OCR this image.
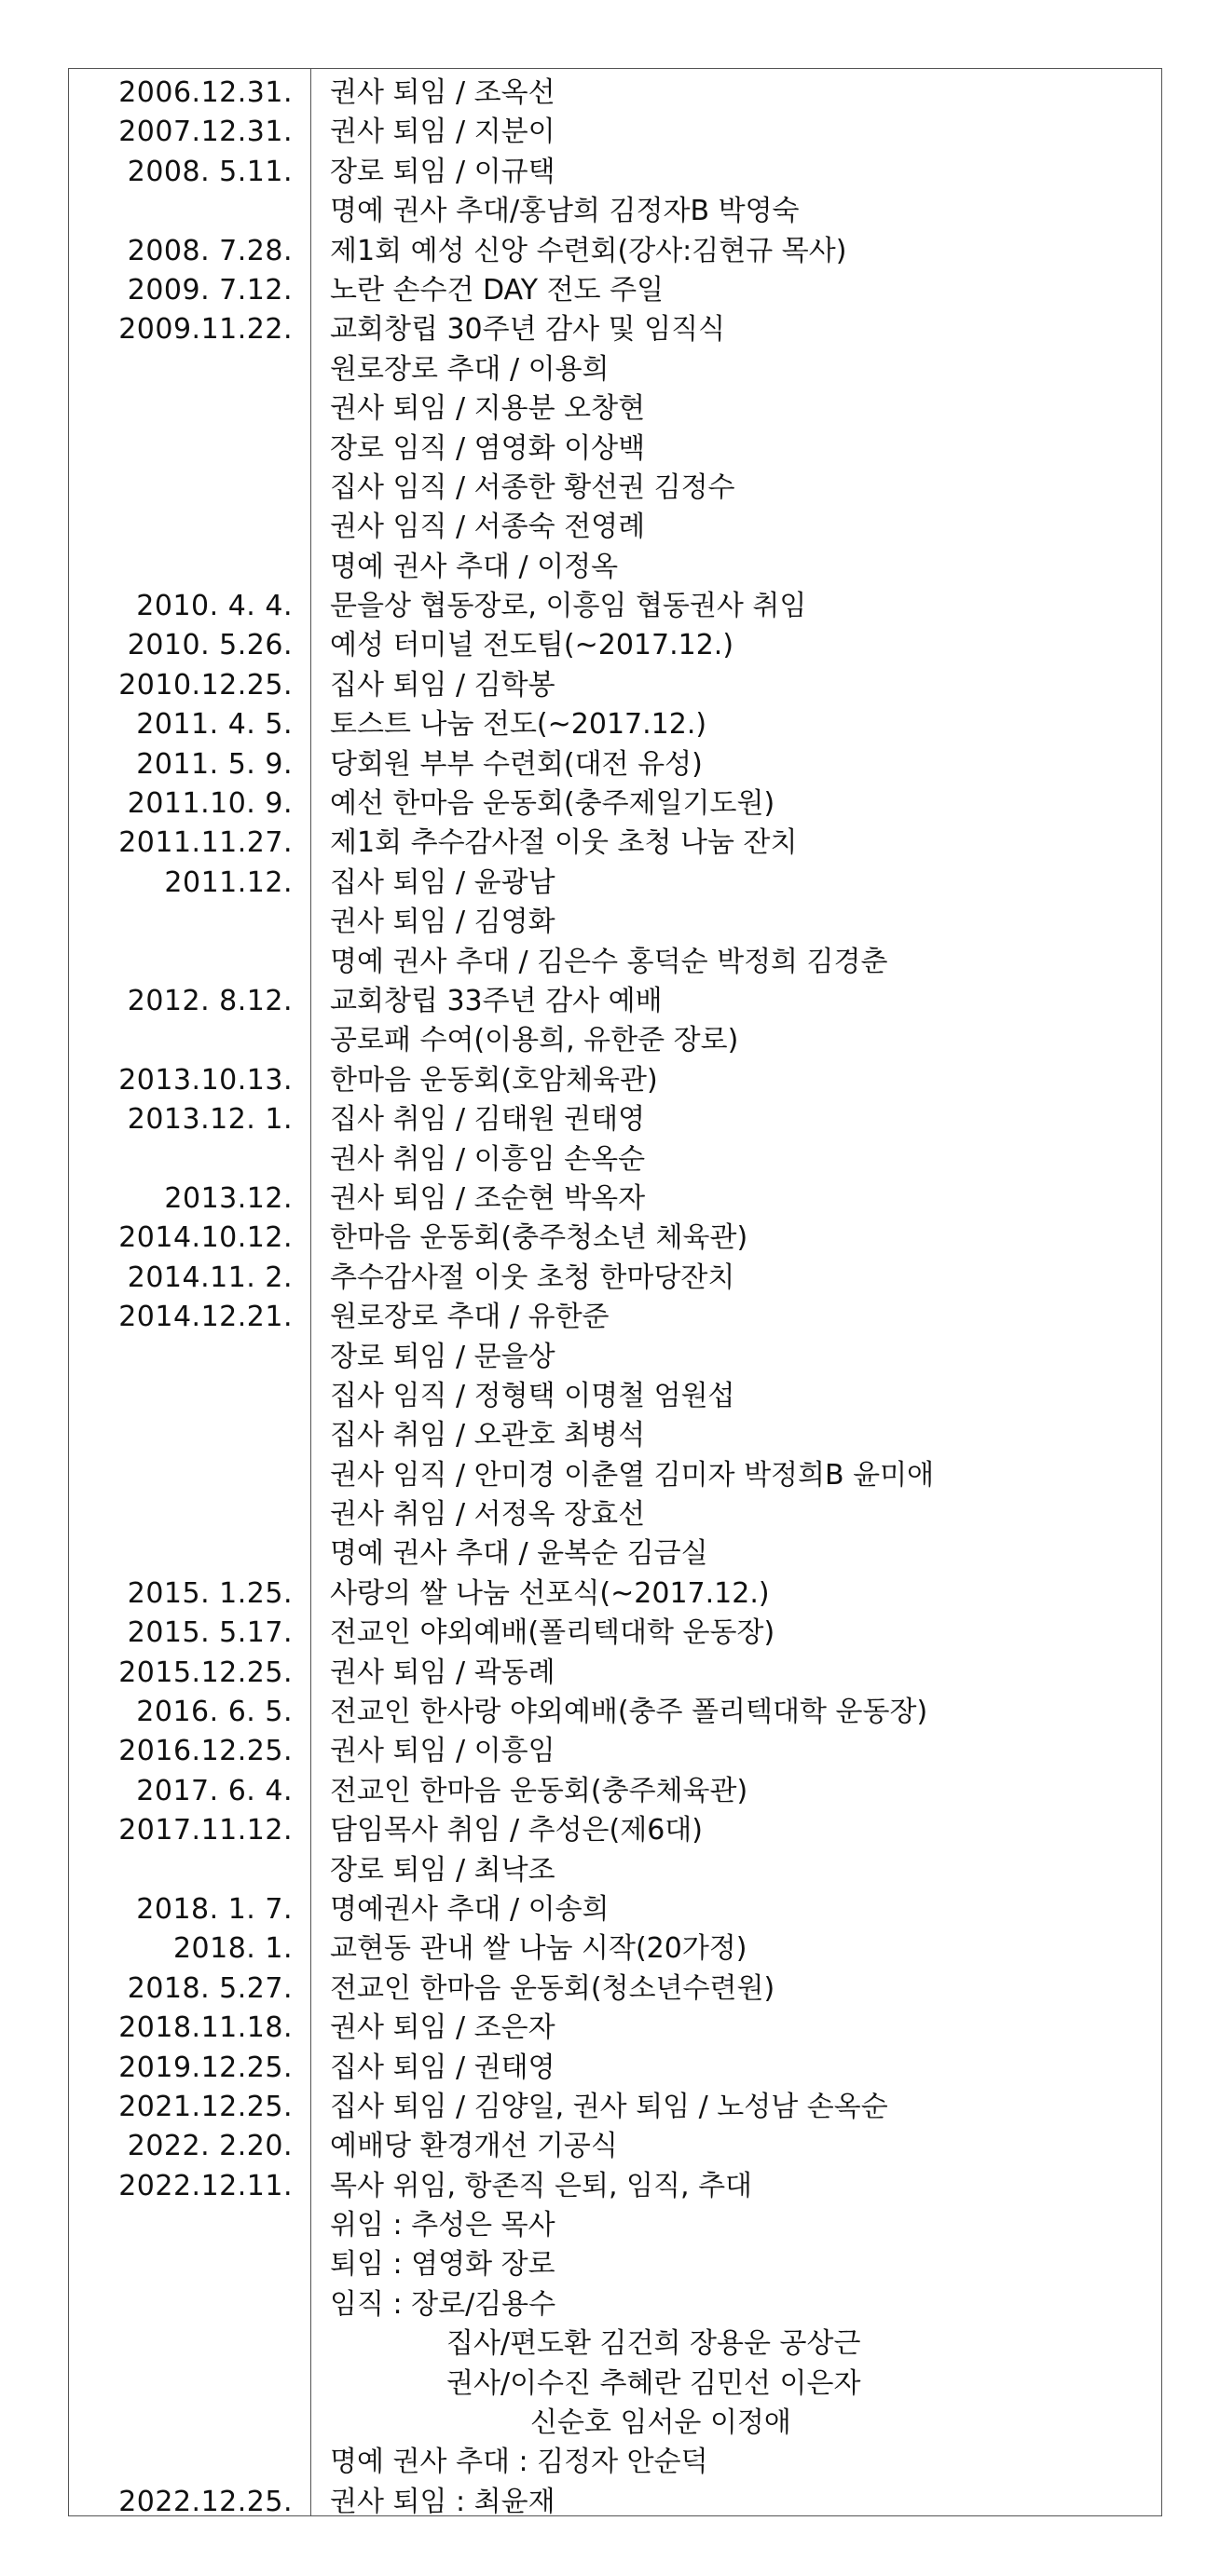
2006.12.31. 권사 퇴임 / 조옥선
2007.12.31. 권사 퇴임 / 지분이
2008. 5.11. 장로 퇴임 / 이규택
명예 권사 추대/홍남희 김정자B 박영숙
2008. 7.28. 제1회 예성 신앙 수련회(강사:김현규 목사)
2009. 7.12. 노란 손수건 DAY 전도 주일
2009.11.22. 교회창립 30주년 감사 및 임직식
원로장로 추대 / 이용희
권사 퇴임 / 지용분 오창현
장로 임직 / 염영화 이상백
집사 임직 / 서종한 황선권 김정수
권사 임직 / 서종숙 전영례
명예 권사 추대 / 이정옥
2010. 4. 4. 문을상 협동장로, 이흥임 협동권사 취임
2010. 5.26. 예성 터미널 전도팀(~2017.12.)
2010.12.25. 집사 퇴임 / 김학봉
2011. 4. 5. 토스트 나눔 전도(~2017.12.)
2011. 5. 9. 당회원 부부 수련회(대전 유성)
2011.10. 9. 예선 한마음 운동회(충주제일기도원)
2011.11.27. 제1회 추수감사절 이웃 초청 나눔 잔치
2011.12. 집사 퇴임 / 윤광남
권사 퇴임 / 김영화
명예 권사 추대 / 김은수 홍덕순 박정희 김경춘
2012. 8.12. 교회창립 33주년 감사 예배
공로패 수여(이용희, 유한준 장로)
2013.10.13. 한마음 운동회(호암체육관)
2013.12. 1. 집사 취임 / 김태원 권태영
권사 취임 / 이흥임 손옥순
2013.12. 권사 퇴임 / 조순현 박옥자
2014.10.12. 한마음 운동회(충주청소년 체육관)
2014.11. 2. 추수감사절 이웃 초청 한마당잔치
2014.12.21. 원로장로 추대 / 유한준
장로 퇴임 / 문을상
집사 임직 / 정형택 이명철 엄원섭
집사 취임 / 오관호 최병석
권사 임직 / 안미경 이춘열 김미자 박정희B 윤미애
권사 취임 / 서정옥 장효선
명예 권사 추대 / 윤복순 김금실
2015. 1.25. 사랑의 쌀 나눔 선포식(~2017.12.)
2015. 5.17. 전교인 야외예배(폴리텍대학 운동장)
2015.12.25. 권사 퇴임 / 곽동례
2016. 6. 5. 전교인 한사랑 야외예배(충주 폴리텍대학 운동장)
2016.12.25. 권사 퇴임 / 이흥임
2017. 6. 4. 전교인 한마음 운동회(충주체육관)
2017.11.12. 담임목사 취임 / 추성은(제6대)
장로 퇴임 / 최낙조
2018. 1. 7. 명예권사 추대 / 이송희
2018. 1. 교현동 관내 쌀 나눔 시작(20가정)
2018. 5.27. 전교인 한마음 운동회(청소년수련원)
2018.11.18. 권사 퇴임 / 조은자
2019.12.25. 집사 퇴임 / 권태영
2021.12.25. 집사 퇴임 / 김양일, 권사 퇴임 / 노성남 손옥순
2022. 2.20. 예배당 환경개선 기공식
2022.12.11. 목사 위임, 항존직 은퇴, 임직, 추대
위임 : 추성은 목사
퇴임 : 염영화 장로
임직 : 장로/김용수
집사/편도환 김건희 장용운 공상근
권사/이수진 추혜란 김민선 이은자
신순호 임서운 이정애
명예 권사 추대 : 김정자 안순덕
2022.12.25. 권사 퇴임 : 최윤재
